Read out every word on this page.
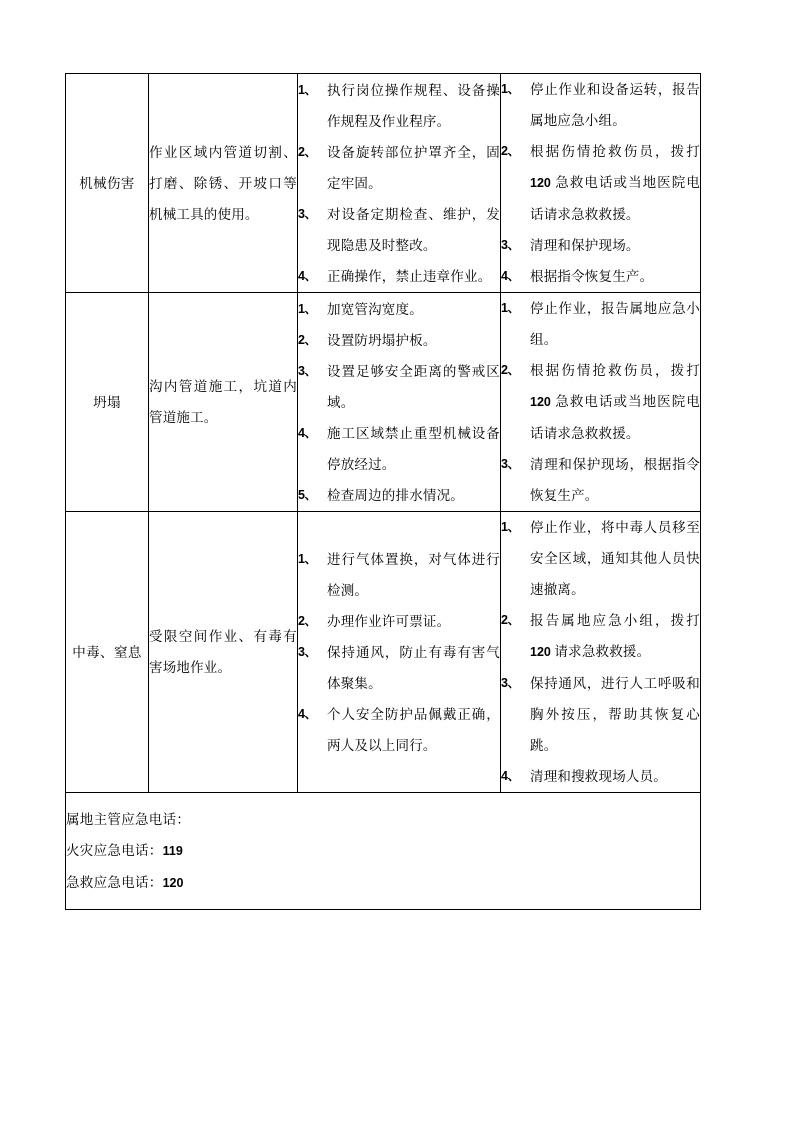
机械伤害	作业区域内管道切割、打磨、除锈、开坡口等机械工具的使用。	
1、 执行岗位操作规程、设备操作规程及作业程序。
2、 设备旋转部位护罩齐全，固定牢固。
3、 对设备定期检查、维护，发现隐患及时整改。
4、 正确操作，禁止违章作业。

1、 停止作业和设备运转，报告属地应急小组。
2、 根据伤情抢救伤员，拨打 120 急救电话或当地医院电话请求急救救援。
3、 清理和保护现场。
4、 根据指令恢复生产。

坍塌	沟内管道施工，坑道内管道施工。	
1、 加宽管沟宽度。
2、 设置防坍塌护板。
3、 设置足够安全距离的警戒区域。
4、 施工区域禁止重型机械设备停放经过。
5、 检查周边的排水情况。

1、 停止作业，报告属地应急小组。
2、 根据伤情抢救伤员，拨打 120 急救电话或当地医院电话请求急救救援。
3、 清理和保护现场，根据指令恢复生产。

中毒、窒息	受限空间作业、有毒有害场地作业。	
1、 进行气体置换，对气体进行检测。
2、 办理作业许可票证。
3、 保持通风，防止有毒有害气体聚集。
4、 个人安全防护品佩戴正确，两人及以上同行。

1、 停止作业，将中毒人员移至安全区域，通知其他人员快速撤离。
2、 报告属地应急小组，拨打 120 请求急救救援。
3、 保持通风，进行人工呼吸和胸外按压，帮助其恢复心跳。
4、 清理和搜救现场人员。

属地主管应急电话：
火灾应急电话：119
急救应急电话：120			
